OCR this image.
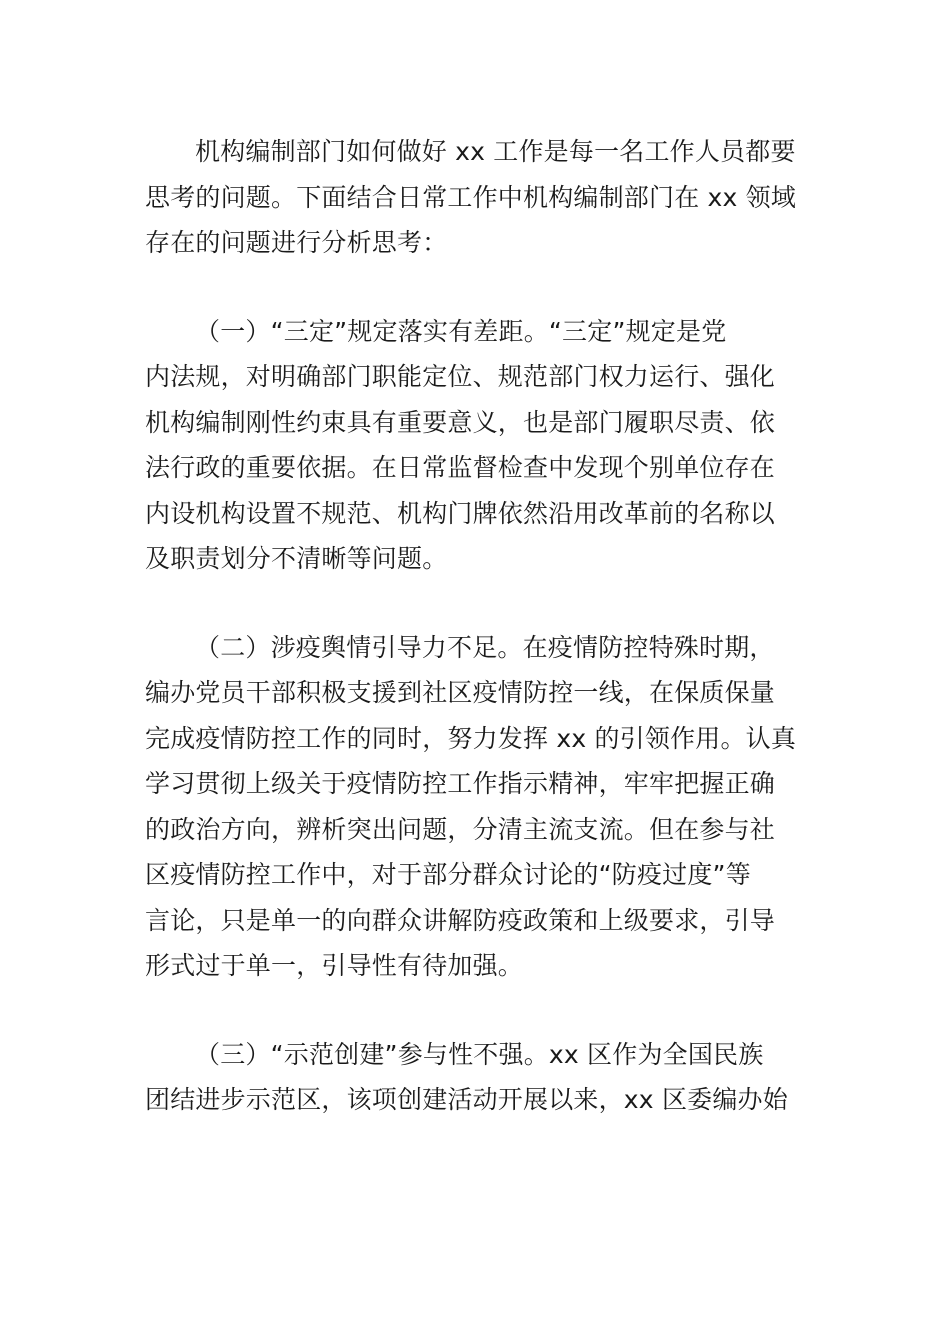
机构编制部门如何做好 xx 工作是每一名工作人员都要
思考的问题。下面结合日常工作中机构编制部门在 xx 领域
存在的问题进行分析思考：

（一）“三定”规定落实有差距。“三定”规定是党
内法规，对明确部门职能定位、规范部门权力运行、强化
机构编制刚性约束具有重要意义，也是部门履职尽责、依
法行政的重要依据。在日常监督检查中发现个别单位存在
内设机构设置不规范、机构门牌依然沿用改革前的名称以
及职责划分不清晰等问题。

（二）涉疫舆情引导力不足。在疫情防控特殊时期，
编办党员干部积极支援到社区疫情防控一线，在保质保量
完成疫情防控工作的同时，努力发挥 xx 的引领作用。认真
学习贯彻上级关于疫情防控工作指示精神，牢牢把握正确
的政治方向，辨析突出问题，分清主流支流。但在参与社
区疫情防控工作中，对于部分群众讨论的“防疫过度”等
言论，只是单一的向群众讲解防疫政策和上级要求，引导
形式过于单一，引导性有待加强。

（三）“示范创建”参与性不强。xx 区作为全国民族
团结进步示范区，该项创建活动开展以来，xx 区委编办始
